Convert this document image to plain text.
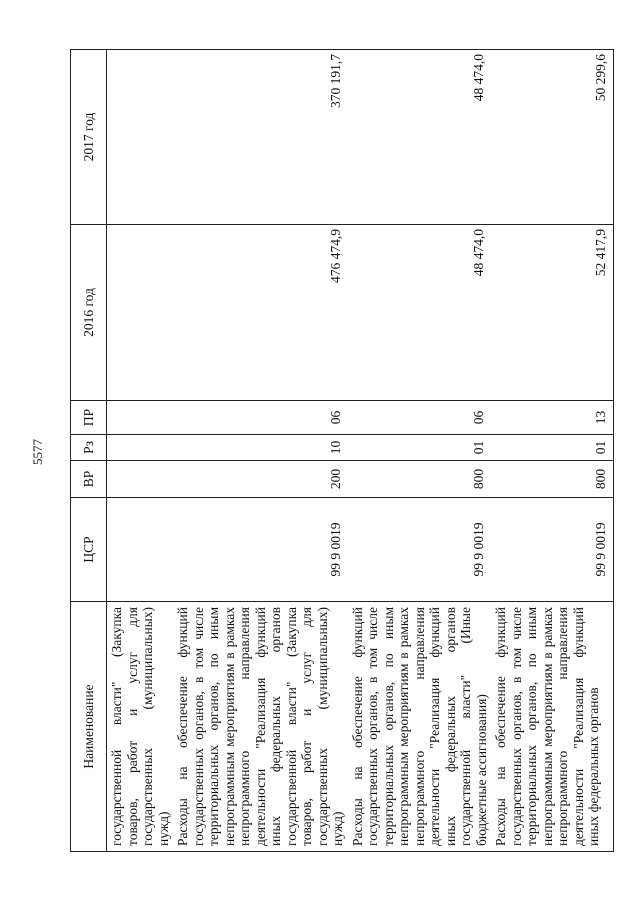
5577
Наименование	ЦСР	ВР	Рз	ПР	2016 год	2017 год
государственной власти" (Закупка товаров, работ и услуг для государственных (муниципальных) нужд)						
Расходы на обеспечение функций государственных органов, в том числе территориальных органов, по иным непрограммным мероприятиям в рамках непрограммного направления деятельности "Реализация функций иных федеральных органов государственной власти" (Закупка товаров, работ и услуг для государственных (муниципальных) нужд)	99 9 0019	200	10	06	476 474,9	370 191,7
Расходы на обеспечение функций государственных органов, в том числе территориальных органов, по иным непрограммным мероприятиям в рамках непрограммного направления деятельности "Реализация функций иных федеральных органов государственной власти" (Иные бюджетные ассигнования)	99 9 0019	800	01	06	48 474,0	48 474,0
Расходы на обеспечение функций государственных органов, в том числе территориальных органов, по иным непрограммным мероприятиям в рамках непрограммного направления деятельности "Реализация функций иных федеральных органов	99 9 0019	800	01	13	52 417,9	50 299,6
